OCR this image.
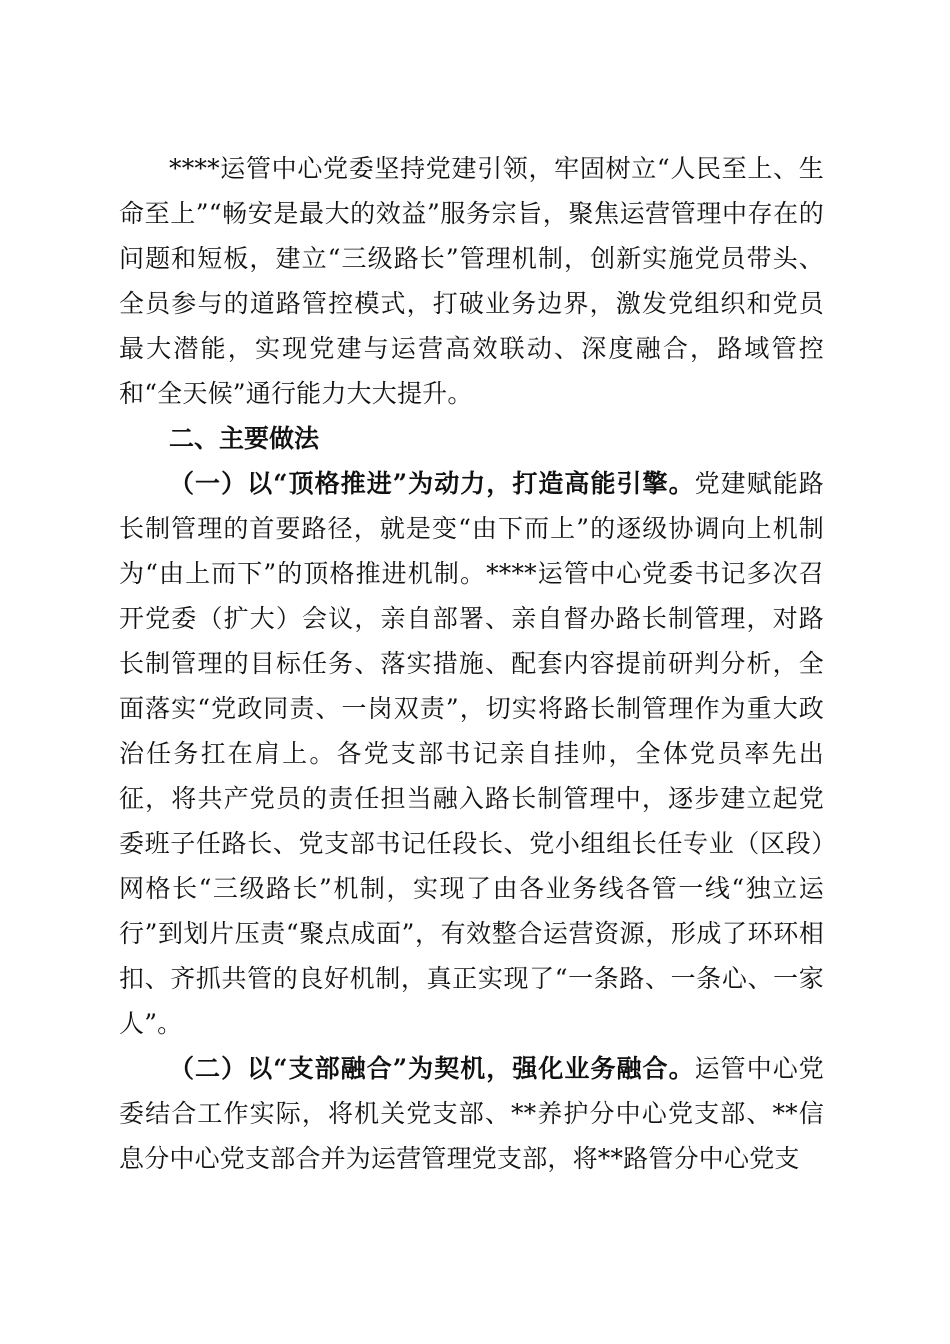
****运管中心党委坚持党建引领，牢固树立“人民至上、生命至上”“畅安是最大的效益”服务宗旨，聚焦运营管理中存在的问题和短板，建立“三级路长”管理机制，创新实施党员带头、全员参与的道路管控模式，打破业务边界，激发党组织和党员最大潜能，实现党建与运营高效联动、深度融合，路域管控和“全天候”通行能力大大提升。

二、主要做法

（一）以“顶格推进”为动力，打造高能引擎。党建赋能路长制管理的首要路径，就是变“由下而上”的逐级协调向上机制为“由上而下”的顶格推进机制。****运管中心党委书记多次召开党委（扩大）会议，亲自部署、亲自督办路长制管理，对路长制管理的目标任务、落实措施、配套内容提前研判分析，全面落实“党政同责、一岗双责”，切实将路长制管理作为重大政治任务扛在肩上。各党支部书记亲自挂帅，全体党员率先出征，将共产党员的责任担当融入路长制管理中，逐步建立起党委班子任路长、党支部书记任段长、党小组组长任专业（区段）网格长“三级路长”机制，实现了由各业务线各管一线“独立运行”到划片压责“聚点成面”，有效整合运营资源，形成了环环相扣、齐抓共管的良好机制，真正实现了“一条路、一条心、一家人”。

（二）以“支部融合”为契机，强化业务融合。运管中心党委结合工作实际，将机关党支部、**养护分中心党支部、**信息分中心党支部合并为运营管理党支部，将**路管分中心党支
